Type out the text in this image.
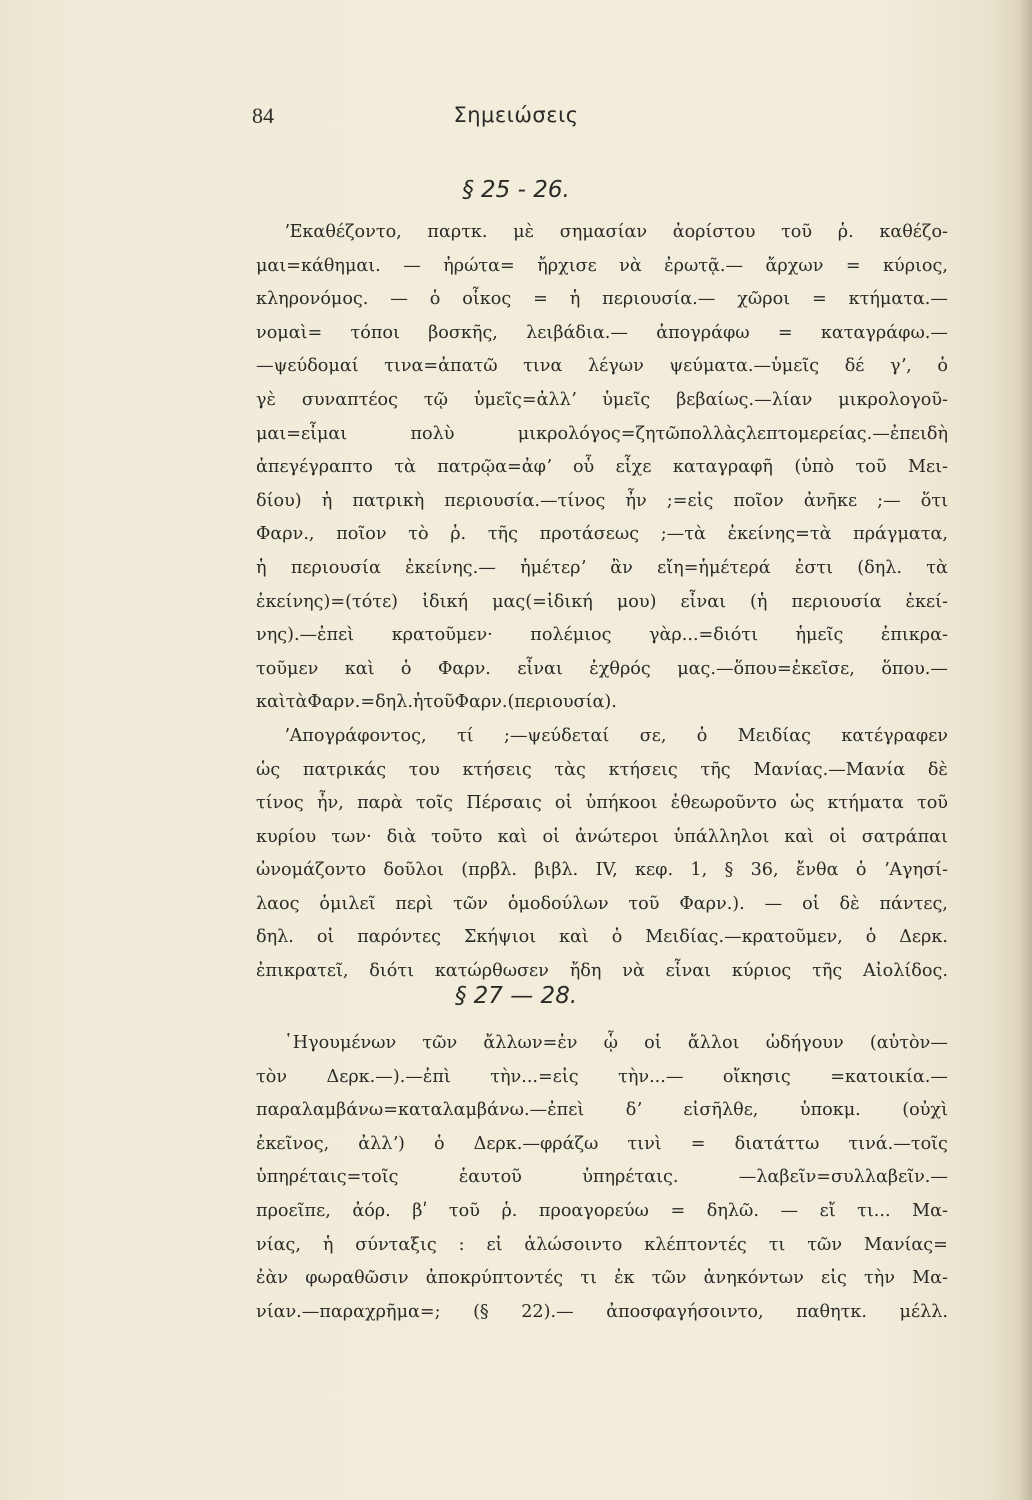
84	Σημειώσεις
§ 25 - 26.
ʼΕκαθέζοντο, παρτκ. μὲ σημασίαν ἀορίστου τοῦ ῥ. καθέζο-
μαι=κάθημαι. — ἠρώτα= ἤρχισε νὰ ἐρωτᾷ.— ἄρχων = κύριος,
κληρονόμος. — ὁ οἶκος = ἡ περιουσία.— χῶροι = κτήματα.—
νομαὶ= τόποι βοσκῆς, λειβάδια.— ἀπογράφω = καταγράφω.—
—ψεύδομαί τινα=ἀπατῶ τινα λέγων ψεύματα.—ὑμεῖς δέ γʼ, ὁ
γὲ συναπτέος τῷ ὑμεῖς=ἀλλʼ ὑμεῖς βεβαίως.—λίαν μικρολογοῦ-
μαι=εἶμαι	πολὺ	μικρολόγος=ζητῶπολλὰςλεπτομερείας.—ἐπειδὴ
ἀπεγέγραπτο τὰ πατρῷα=ἀφʼ οὗ εἶχε καταγραφῆ (ὑπὸ τοῦ Μει-
δίου) ἡ πατρικὴ περιουσία.—τίνος ἦν ;=εἰς ποῖον ἀνῆκε ;— ὅτι
Φαρν., ποῖον τὸ ῥ. τῆς προτάσεως ;—τὰ ἐκείνης=τὰ πράγματα,
ἡ περιουσία ἐκείνης.— ἡμέτερʼ ἂν εἴη=ἡμέτερά ἐστι (δηλ. τὰ
ἐκείνης)=(τότε) ἰδική μας(=ἰδική μου) εἶναι (ἡ περιουσία ἐκεί-
νης).—ἐπεὶ κρατοῦμεν· πολέμιος γὰρ...=διότι ἡμεῖς ἐπικρα-
τοῦμεν καὶ ὁ Φαρν. εἶναι ἐχθρός μας.—ὅπου=ἐκεῖσε, ὅπου.—
καὶ τὰ Φαρν.=δηλ. ἡ τοῦ Φαρν. (περιουσία).
ʼΑπογράφοντος, τί ;—ψεύδεταί σε, ὁ Μειδίας κατέγραφεν
ὡς πατρικάς του κτήσεις τὰς κτήσεις τῆς Μανίας.—Μανία δὲ
τίνος ἦν, παρὰ τοῖς Πέρσαις οἱ ὑπήκοοι ἐθεωροῦντο ὡς κτήματα τοῦ
κυρίου των· διὰ τοῦτο καὶ οἱ ἀνώτεροι ὑπάλληλοι καὶ οἱ σατράπαι
ὠνομάζοντο δοῦλοι (πρβλ. βιβλ. IV, κεφ. 1, § 36, ἔνθα ὁ ʼΑγησί-
λαος ὁμιλεῖ περὶ τῶν ὁμοδούλων τοῦ Φαρν.). — οἱ δὲ πάντες,
δηλ. οἱ παρόντες Σκήψιοι καὶ ὁ Μειδίας.—κρατοῦμεν, ὁ Δερκ.
ἐπικρατεῖ, διότι κατώρθωσεν ἤδη νὰ εἶναι κύριος τῆς Αἰολίδος.
§ 27 — 28.
῾Ηγουμένων τῶν ἄλλων=ἐν ᾧ οἱ ἄλλοι ὡδήγουν (αὐτὸν—
τὸν Δερκ.—).—ἐπὶ τὴν...=εἰς τὴν...— οἴκησις =κατοικία.—
παραλαμβάνω=καταλαμβάνω.—ἐπεὶ δʼ εἰσῆλθε, ὑποκμ. (οὐχὶ
ἐκεῖνος, ἀλλʼ) ὁ Δερκ.—φράζω τινὶ = διατάττω τινά.—τοῖς
ὑπηρέταις=τοῖς	ἑαυτοῦ	ὑπηρέταις.	—λαβεῖν=συλλαβεῖν.—
προεῖπε, ἀόρ. βʹ τοῦ ῥ. προαγορεύω = δηλῶ. — εἴ τι... Μα-
νίας, ἡ σύνταξις : εἰ ἁλώσοιντο κλέπτοντές τι τῶν Μανίας=
ἐὰν φωραθῶσιν ἀποκρύπτοντές τι ἐκ τῶν ἀνηκόντων εἰς τὴν Μα-
νίαν.—παραχρῆμα=; (§ 22).— ἀποσφαγήσοιντο, παθητκ. μέλλ.
